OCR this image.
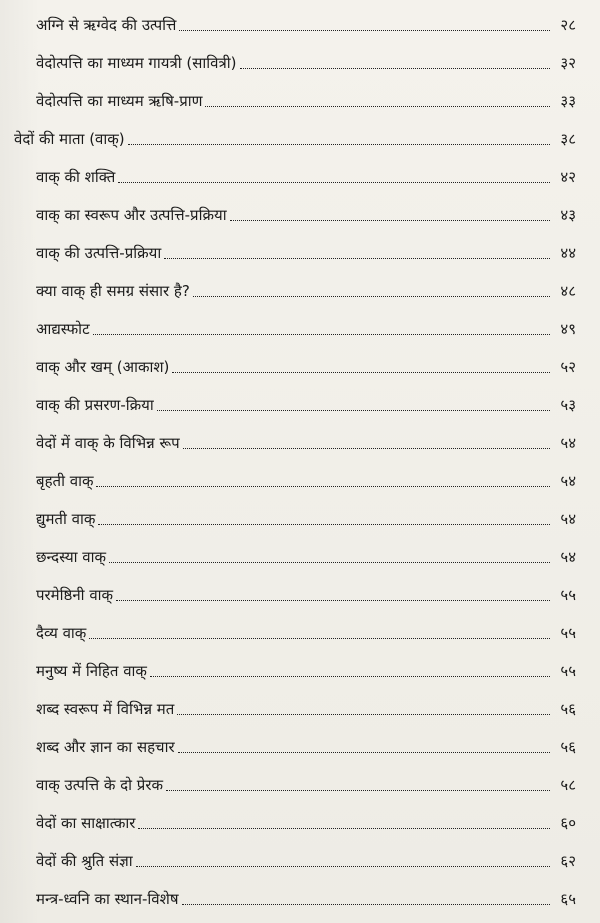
अग्नि से ऋग्वेद की उत्पत्ति	२८
वेदोत्पत्ति का माध्यम गायत्री (सावित्री)	३२
वेदोत्पत्ति का माध्यम ऋषि-प्राण	३३
वेदों की माता (वाक्)	३८
वाक् की शक्ति	४२
वाक् का स्वरूप और उत्पत्ति-प्रक्रिया	४३
वाक् की उत्पत्ति-प्रक्रिया	४४
क्या वाक् ही समग्र संसार है?	४८
आद्यस्फोट	४९
वाक् और खम् (आकाश)	५२
वाक् की प्रसरण-क्रिया	५३
वेदों में वाक् के विभिन्न रूप	५४
बृहती वाक्	५४
द्युमती वाक्	५४
छन्दस्या वाक्	५४
परमेष्ठिनी वाक्	५५
दैव्य वाक्	५५
मनुष्य में निहित वाक्	५५
शब्द स्वरूप में विभिन्न मत	५६
शब्द और ज्ञान का सहचार	५६
वाक् उत्पत्ति के दो प्रेरक	५८
वेदों का साक्षात्कार	६०
वेदों की श्रुति संज्ञा	६२
मन्त्र-ध्वनि का स्थान-विशेष	६५
